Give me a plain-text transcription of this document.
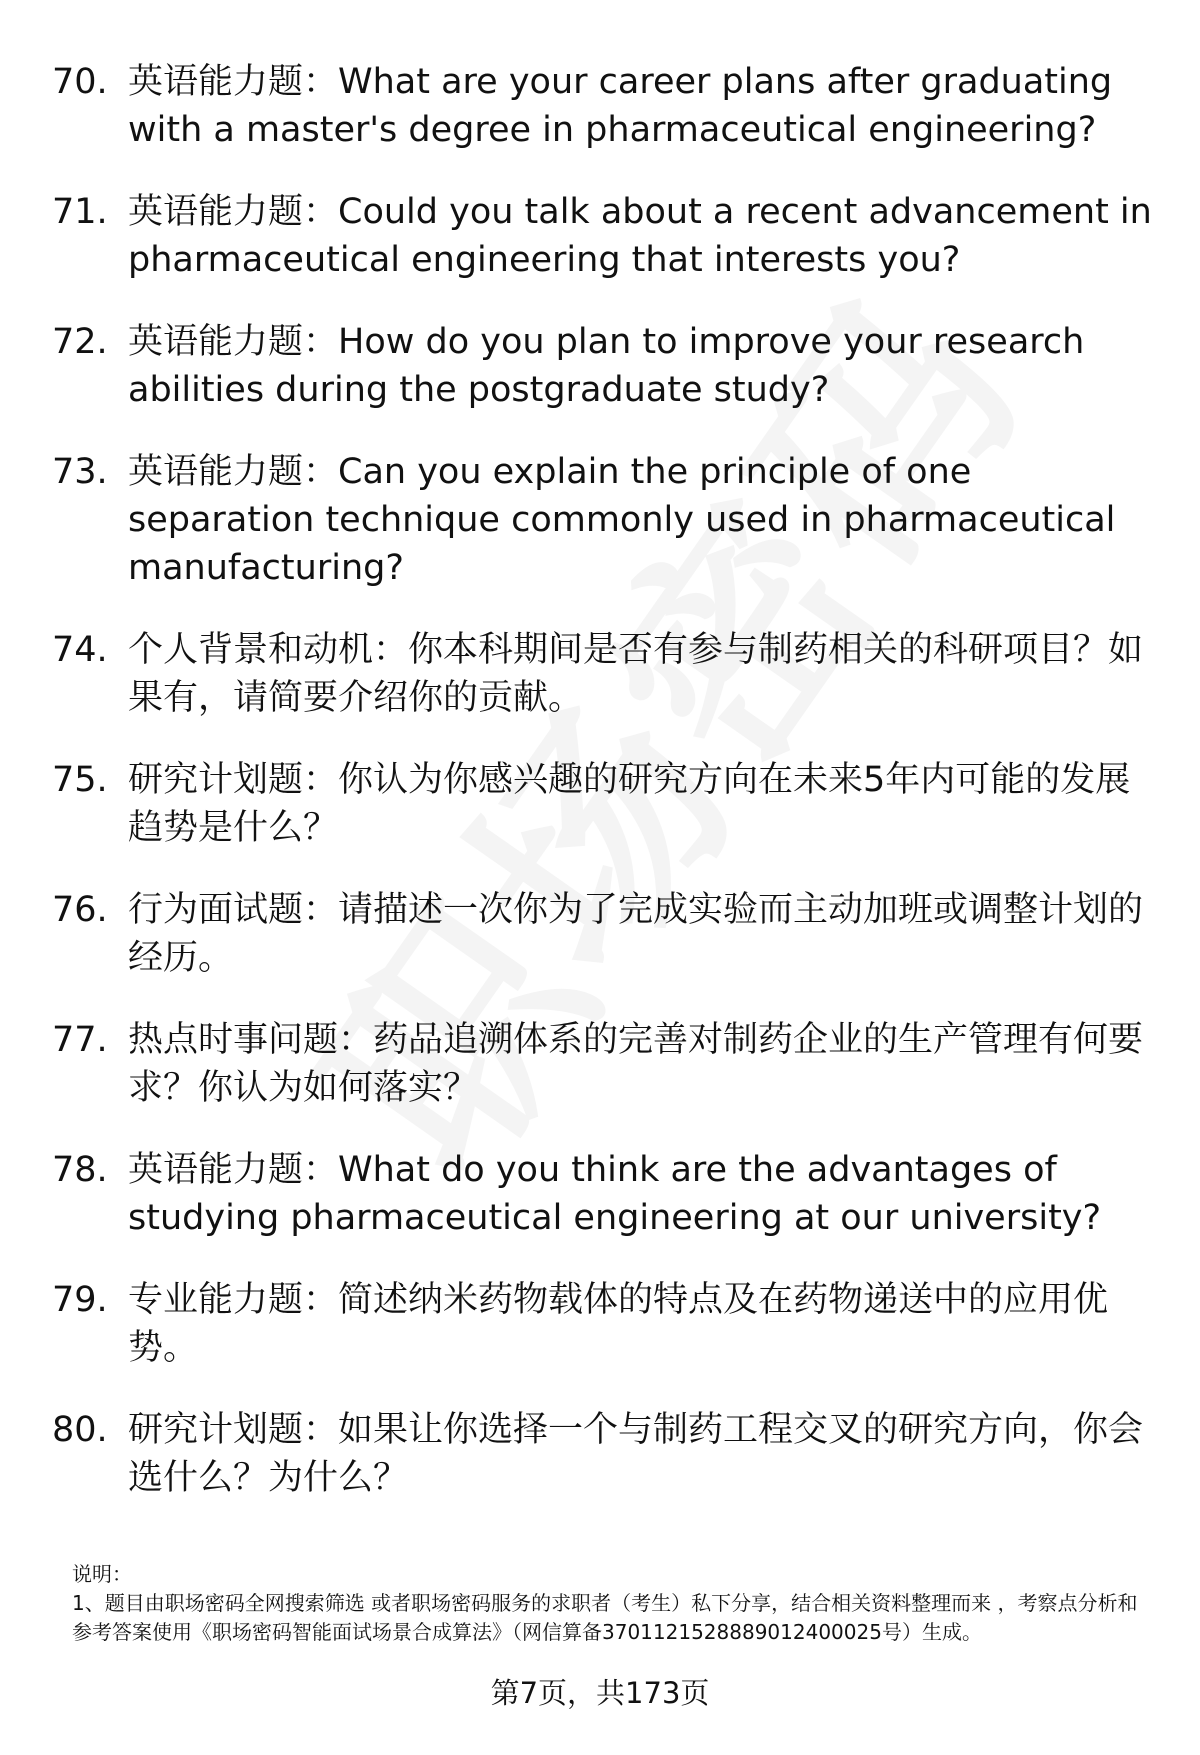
70. 英语能力题：What are your career plans after graduating with a master's degree in pharmaceutical engineering?
71. 英语能力题：Could you talk about a recent advancement in pharmaceutical engineering that interests you?
72. 英语能力题：How do you plan to improve your research abilities during the postgraduate study?
73. 英语能力题：Can you explain the principle of one separation technique commonly used in pharmaceutical manufacturing?
74. 个人背景和动机：你本科期间是否有参与制药相关的科研项目？如果有，请简要介绍你的贡献。
75. 研究计划题：你认为你感兴趣的研究方向在未来5年内可能的发展趋势是什么？
76. 行为面试题：请描述一次你为了完成实验而主动加班或调整计划的经历。
77. 热点时事问题：药品追溯体系的完善对制药企业的生产管理有何要求？你认为如何落实？
78. 英语能力题：What do you think are the advantages of studying pharmaceutical engineering at our university?
79. 专业能力题：简述纳米药物载体的特点及在药物递送中的应用优势。
80. 研究计划题：如果让你选择一个与制药工程交叉的研究方向，你会选什么？为什么？
说明：
1、题目由职场密码全网搜索筛选 或者职场密码服务的求职者（考生）私下分享，结合相关资料整理而来 ，考察点分析和参考答案使用《职场密码智能面试场景合成算法》（网信算备3701121528889012400025号）生成。
第7页，共173页
